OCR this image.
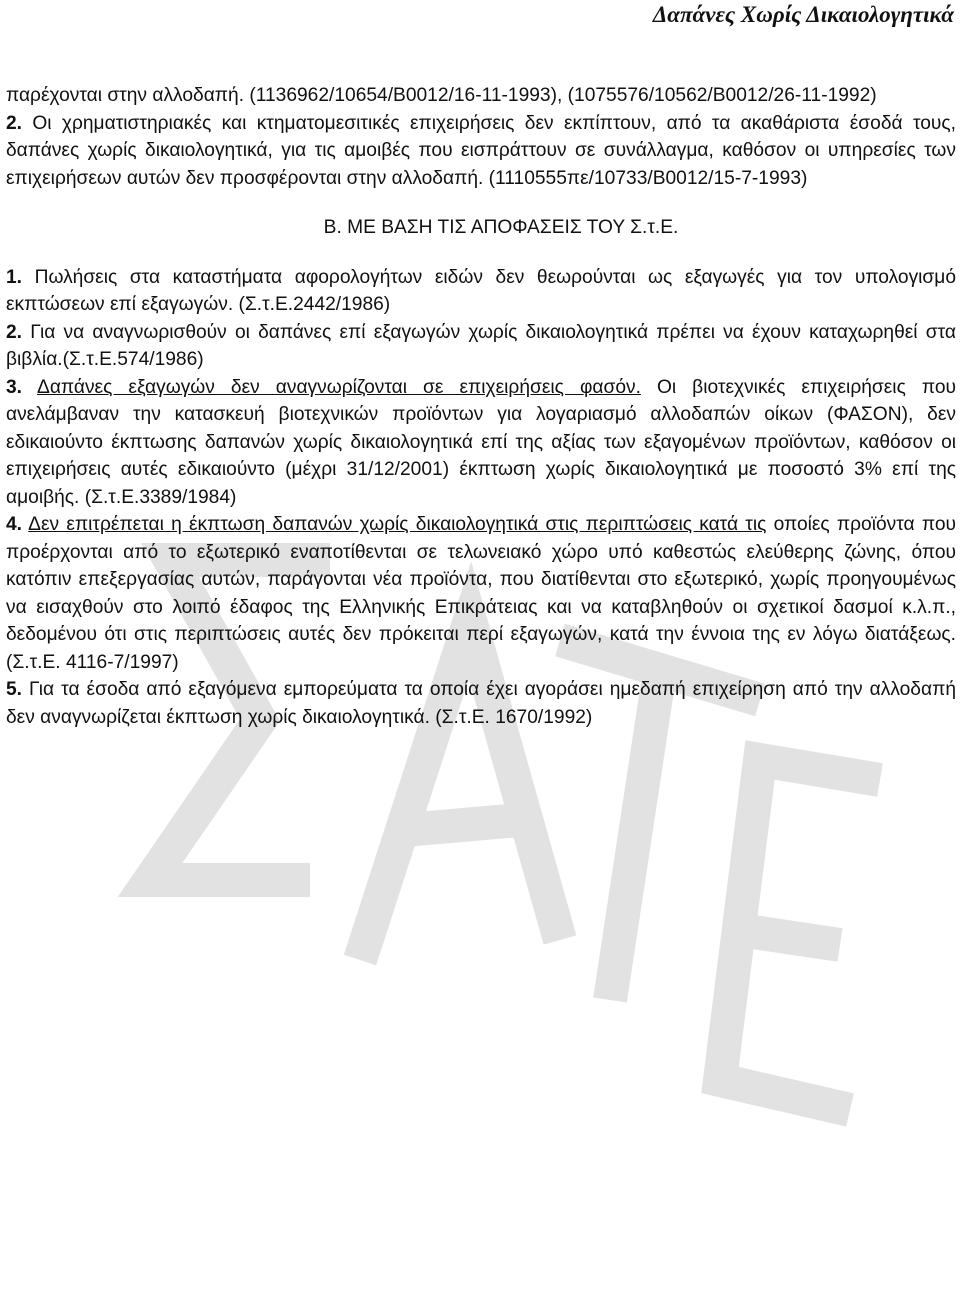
Δαπάνες Χωρίς Δικαιολογητικά

παρέχονται στην αλλοδαπή. (1136962/10654/Β0012/16-11-1993), (1075576/10562/Β0012/26-11-1992)

2. Οι χρηματιστηριακές και κτηματομεσιτικές επιχειρήσεις δεν εκπίπτουν, από τα ακαθάριστα έσοδά τους, δαπάνες χωρίς δικαιολογητικά, για τις αμοιβές που εισπράττουν σε συνάλλαγμα, καθόσον οι υπηρεσίες των επιχειρήσεων αυτών δεν προσφέρονται στην αλλοδαπή. (1110555πε/10733/Β0012/15-7-1993)

Β. ΜΕ ΒΑΣΗ ΤΙΣ ΑΠΟΦΑΣΕΙΣ ΤΟΥ Σ.τ.Ε.

1. Πωλήσεις στα καταστήματα αφορολογήτων ειδών δεν θεωρούνται ως εξαγωγές για τον υπολογισμό εκπτώσεων επί εξαγωγών. (Σ.τ.Ε.2442/1986)

2. Για να αναγνωρισθούν οι δαπάνες επί εξαγωγών χωρίς δικαιολογητικά πρέπει να έχουν καταχωρηθεί στα βιβλία.(Σ.τ.Ε.574/1986)

3. Δαπάνες εξαγωγών δεν αναγνωρίζονται σε επιχειρήσεις φασόν. Οι βιοτεχνικές επιχειρήσεις που ανελάμβαναν την κατασκευή βιοτεχνικών προϊόντων για λογαριασμό αλλοδαπών οίκων (ΦΑΣΟΝ), δεν εδικαιούντο έκπτωσης δαπανών χωρίς δικαιολογητικά επί της αξίας των εξαγομένων προϊόντων, καθόσον οι επιχειρήσεις αυτές εδικαιούντο (μέχρι 31/12/2001) έκπτωση χωρίς δικαιολογητικά με ποσοστό 3% επί της αμοιβής. (Σ.τ.Ε.3389/1984)

4. Δεν επιτρέπεται η έκπτωση δαπανών χωρίς δικαιολογητικά στις περιπτώσεις κατά τις οποίες προϊόντα που προέρχονται από το εξωτερικό εναποτίθενται σε τελωνειακό χώρο υπό καθεστώς ελεύθερης ζώνης, όπου κατόπιν επεξεργασίας αυτών, παράγονται νέα προϊόντα, που διατίθενται στο εξωτερικό, χωρίς προηγουμένως να εισαχθούν στο λοιπό έδαφος της Ελληνικής Επικράτειας και να καταβληθούν οι σχετικοί δασμοί κ.λ.π., δεδομένου ότι στις περιπτώσεις αυτές δεν πρόκειται περί εξαγωγών, κατά την έννοια της εν λόγω διατάξεως. (Σ.τ.Ε. 4116-7/1997)

5. Για τα έσοδα από εξαγόμενα εμπορεύματα τα οποία έχει αγοράσει ημεδαπή επιχείρηση από την αλλοδαπή δεν αναγνωρίζεται έκπτωση χωρίς δικαιολογητικά. (Σ.τ.Ε. 1670/1992)
